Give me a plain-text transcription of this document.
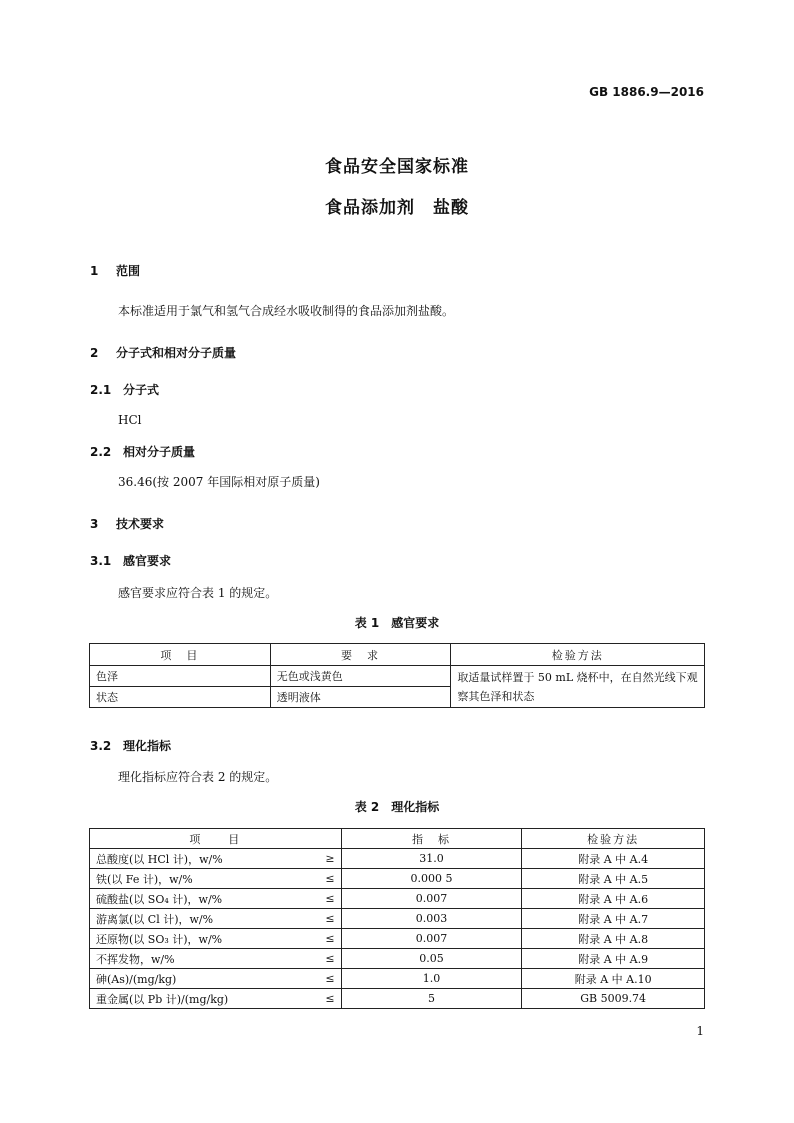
GB 1886.9—2016
食品安全国家标准
食品添加剂　盐酸
1 范围
本标准适用于氯气和氢气合成经水吸收制得的食品添加剂盐酸。
2 分子式和相对分子质量
2.1 分子式
HCl
2.2 相对分子质量
36.46(按 2007 年国际相对原子质量)
3 技术要求
3.1 感官要求
感官要求应符合表 1 的规定。
表 1　感官要求
项　目	要　求	检验方法
色泽	无色或浅黄色	取适量试样置于 50 mL 烧杯中，在自然光线下观察其色泽和状态
状态	透明液体	
3.2 理化指标
理化指标应符合表 2 的规定。
表 2　理化指标
项　　目		指　标	检验方法
总酸度(以 HCl 计)，w/%	≥	31.0	附录 A 中 A.4
铁(以 Fe 计)，w/%	≤	0.000 5	附录 A 中 A.5
硫酸盐(以 SO₄ 计)，w/%	≤	0.007	附录 A 中 A.6
游离氯(以 Cl 计)，w/%	≤	0.003	附录 A 中 A.7
还原物(以 SO₃ 计)，w/%	≤	0.007	附录 A 中 A.8
不挥发物，w/%	≤	0.05	附录 A 中 A.9
砷(As)/(mg/kg)	≤	1.0	附录 A 中 A.10
重金属(以 Pb 计)/(mg/kg)	≤	5	GB 5009.74
1
